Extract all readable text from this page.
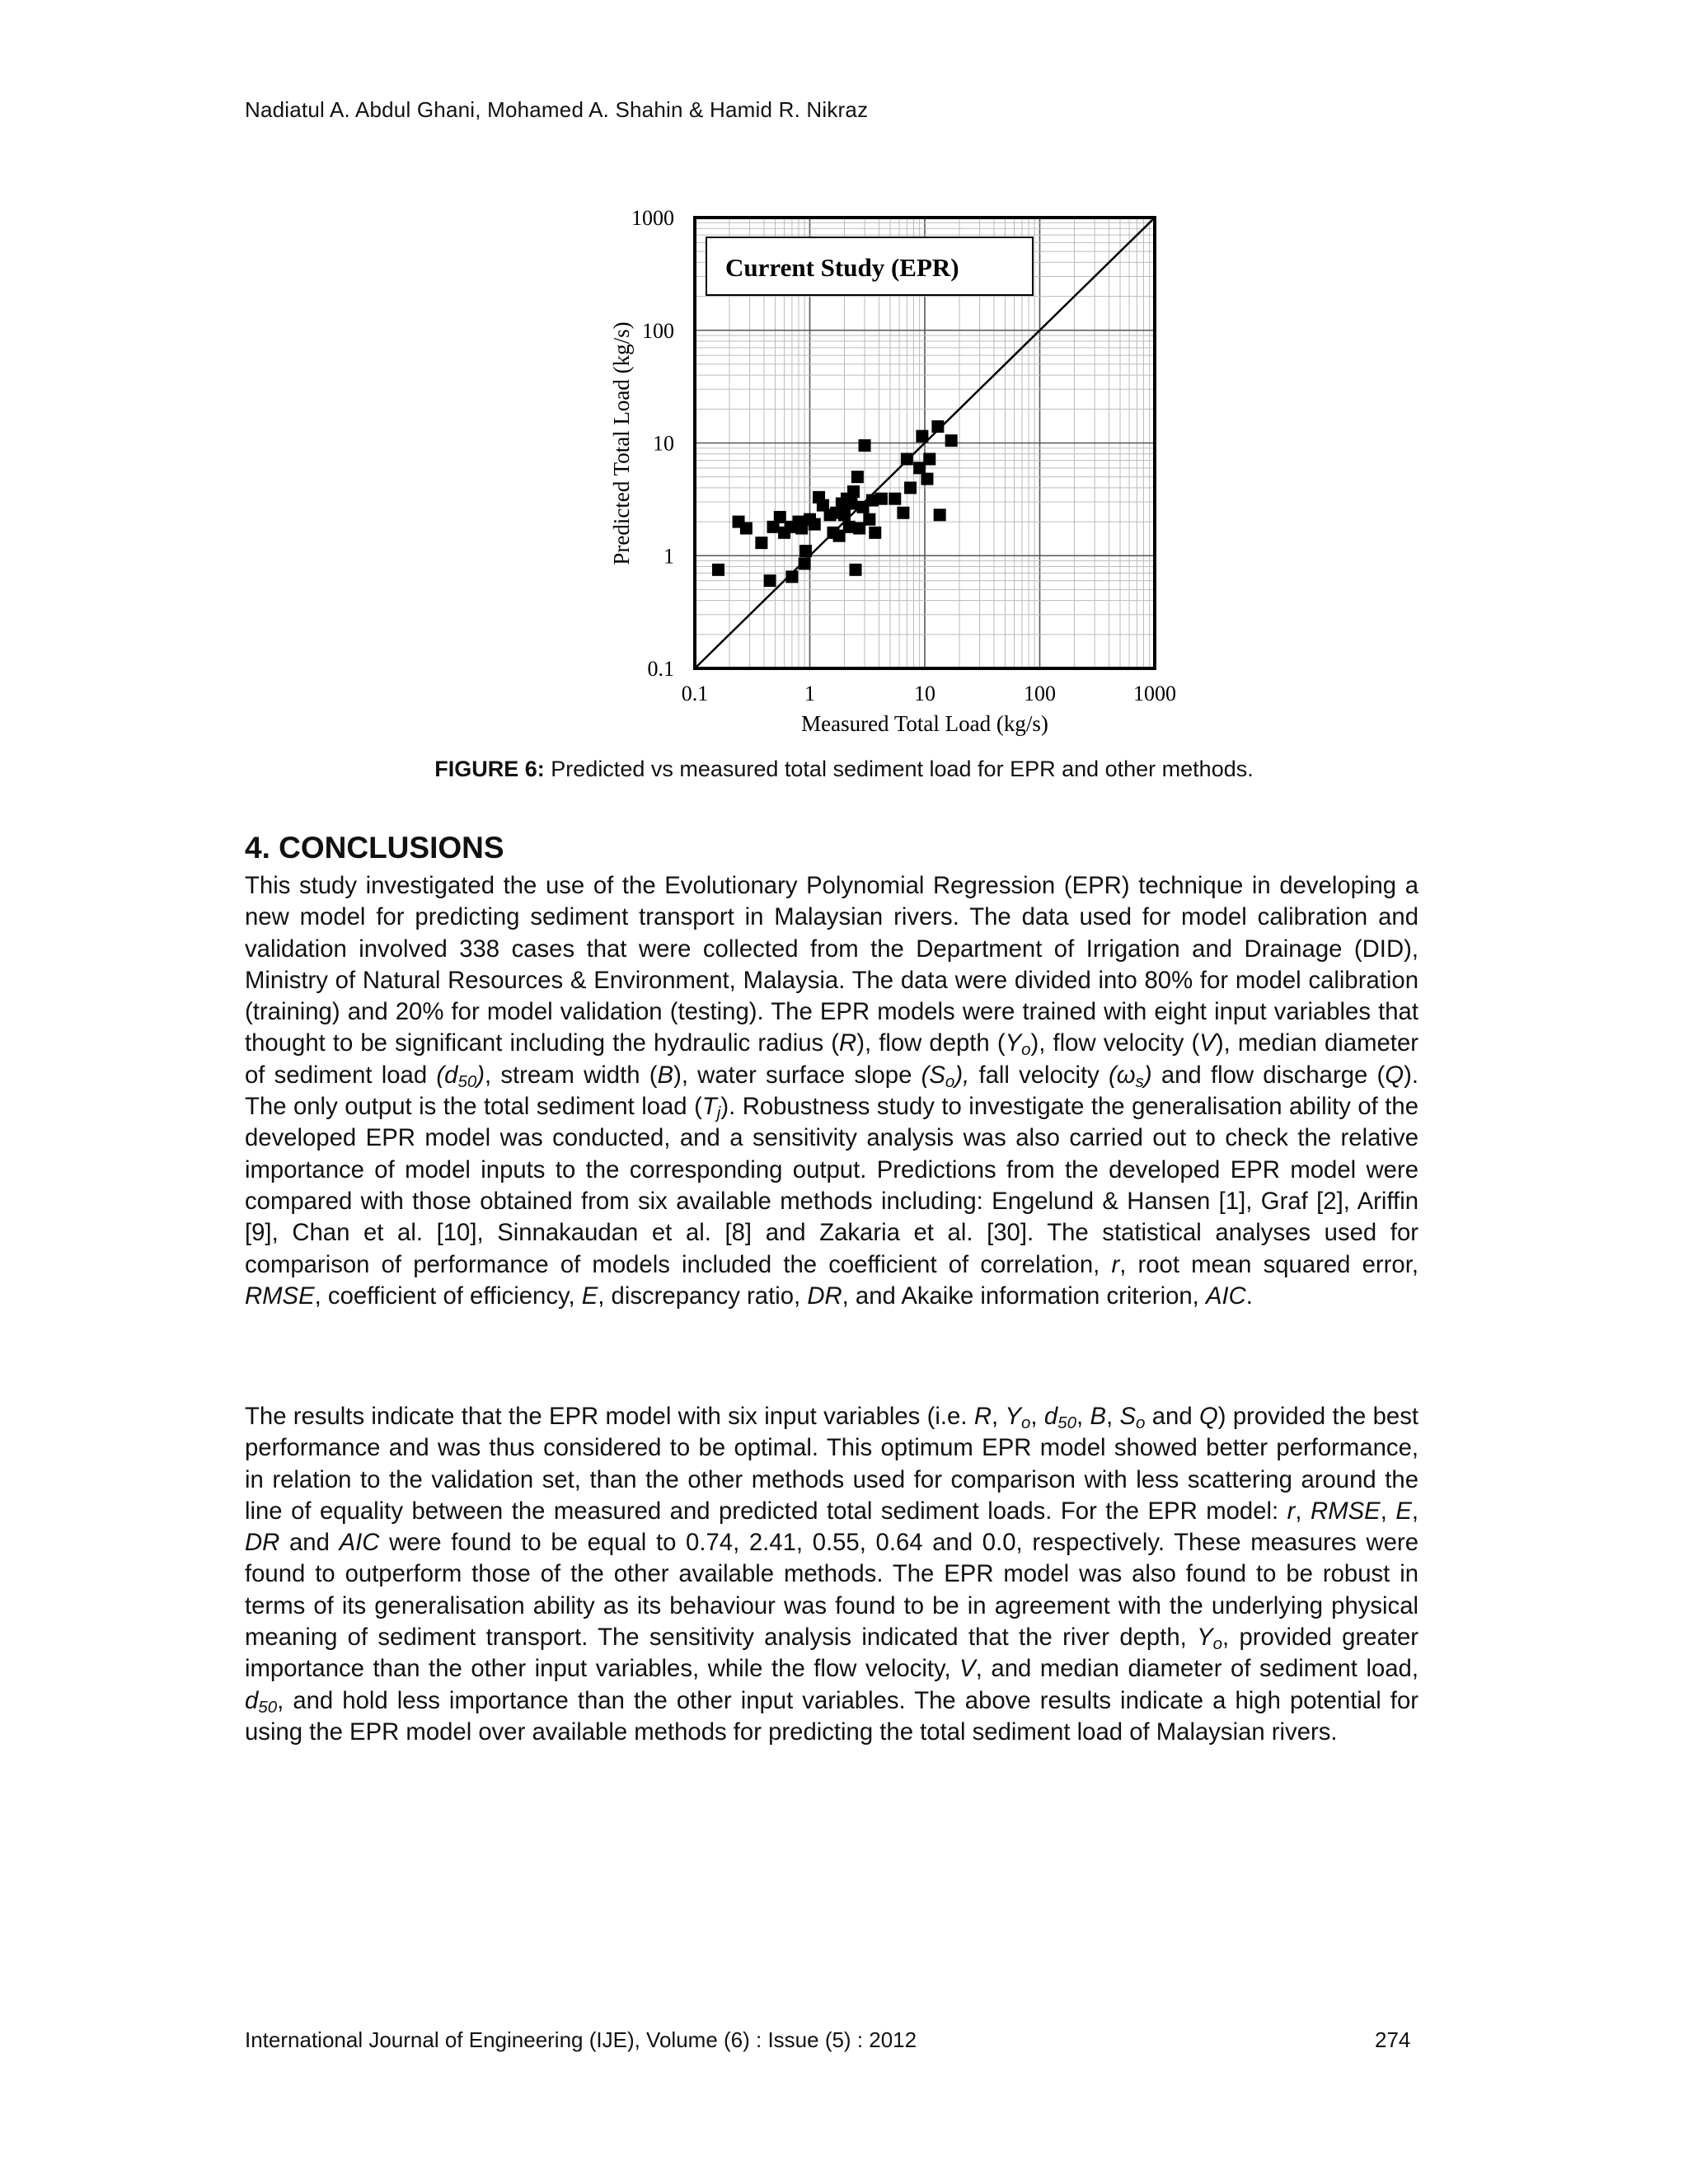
Nadiatul A. Abdul Ghani, Mohamed A. Shahin & Hamid R. Nikraz
Current Study (EPR)
0.1	1	10	100	1000
0.1
1
10
100
1000
Measured Total Load (kg/s)
Predicted Total Load (kg/s)
FIGURE 6: Predicted vs measured total sediment load for EPR and other methods.
4. CONCLUSIONS

This study investigated the use of the Evolutionary Polynomial Regression (EPR) technique in developing a new model for predicting sediment transport in Malaysian rivers. The data used for model calibration and validation involved 338 cases that were collected from the Department of Irrigation and Drainage (DID), Ministry of Natural Resources & Environment, Malaysia. The data were divided into 80% for model calibration (training) and 20% for model validation (testing). The EPR models were trained with eight input variables that thought to be significant including the hydraulic radius (R), flow depth $(Y_o)$, flow velocity (V), median diameter of sediment load $(d_{50})$, stream width (B), water surface slope $(S_o)$, fall velocity $(\omega_s)$ and flow discharge (Q). The only output is the total sediment load $(T_j)$. Robustness study to investigate the generalisation ability of the developed EPR model was conducted, and a sensitivity analysis was also carried out to check the relative importance of model inputs to the corresponding output. Predictions from the developed EPR model were compared with those obtained from six available methods including: Engelund & Hansen [1], Graf [2], Ariffin [9], Chan et al. [10], Sinnakaudan et al. [8] and Zakaria et al. [30]. The statistical analyses used for comparison of performance of models included the coefficient of correlation, r, root mean squared error, RMSE, coefficient of efficiency, E, discrepancy ratio, DR, and Akaike information criterion, AIC.

The results indicate that the EPR model with six input variables (i.e. R, $Y_o$, $d_{50}$, B, $S_o$ and Q) provided the best performance and was thus considered to be optimal. This optimum EPR model showed better performance, in relation to the validation set, than the other methods used for comparison with less scattering around the line of equality between the measured and predicted total sediment loads. For the EPR model: r, RMSE, E, DR and AIC were found to be equal to 0.74, 2.41, 0.55, 0.64 and 0.0, respectively. These measures were found to outperform those of the other available methods. The EPR model was also found to be robust in terms of its generalisation ability as its behaviour was found to be in agreement with the underlying physical meaning of sediment transport. The sensitivity analysis indicated that the river depth, $Y_o$, provided greater importance than the other input variables, while the flow velocity, V, and median diameter of sediment load, $d_{50}$, and hold less importance than the other input variables. The above results indicate a high potential for using the EPR model over available methods for predicting the total sediment load of Malaysian rivers.

International Journal of Engineering (IJE), Volume (6) : Issue (5) : 2012	274
